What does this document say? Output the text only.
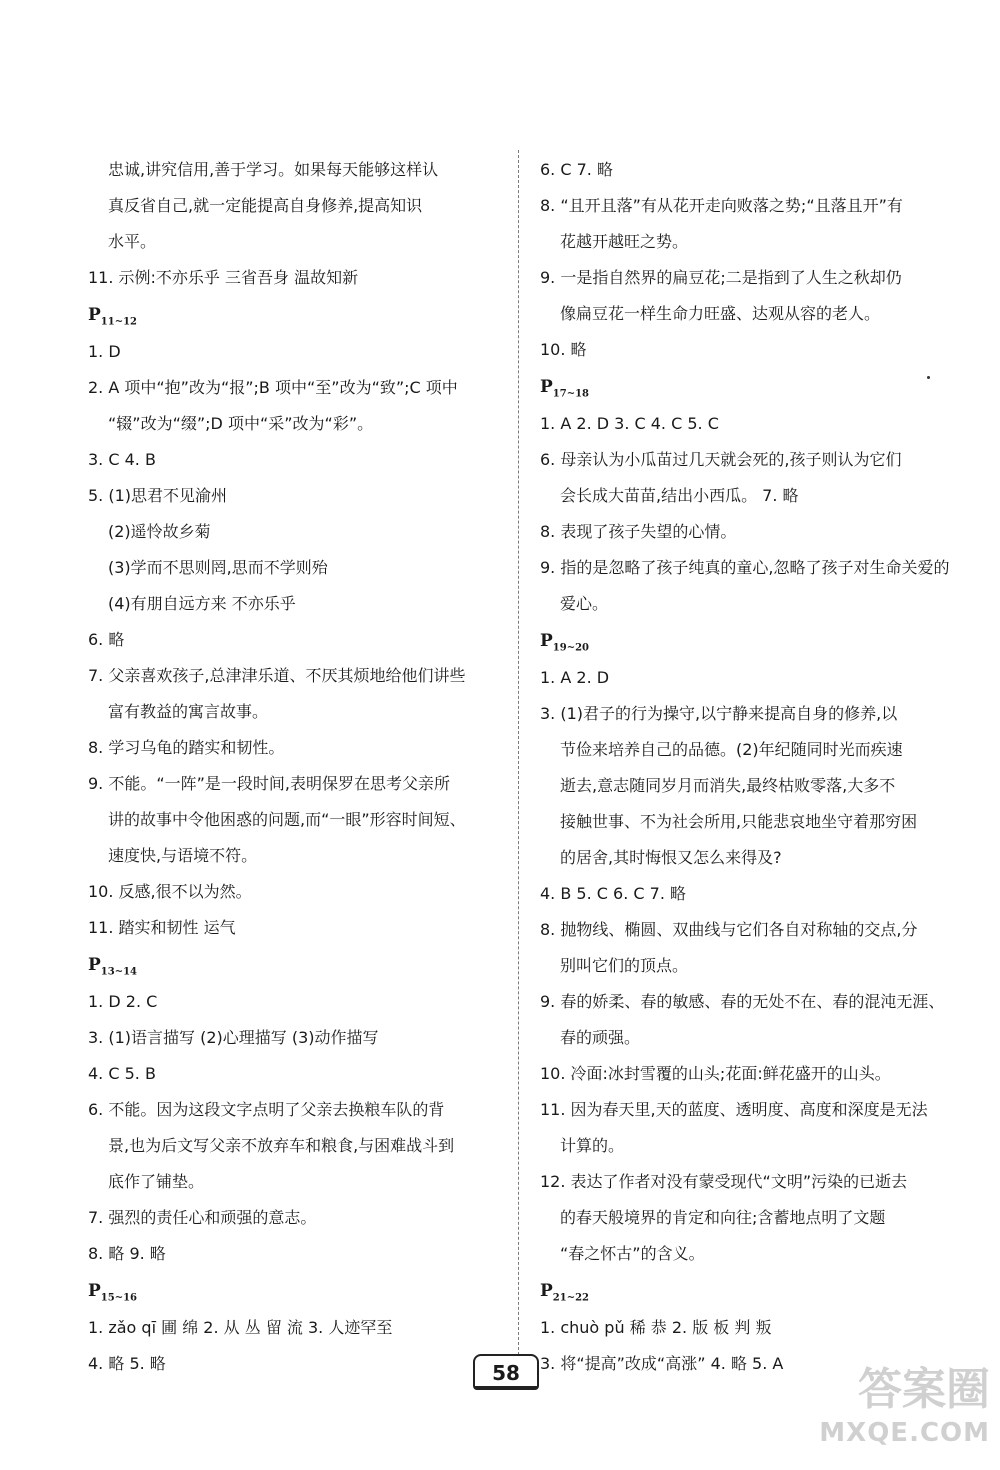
忠诚,讲究信用,善于学习。如果每天能够这样认
真反省自己,就一定能提高自身修养,提高知识
水平。
11. 示例:不亦乐乎 三省吾身 温故知新
$P_{11\sim 12}$
1. D
2. A 项中“抱”改为“报”;B 项中“至”改为“致”;C 项中
“辍”改为“缀”;D 项中“采”改为“彩”。
3. C 4. B
5. (1)思君不见渝州
(2)遥怜故乡菊
(3)学而不思则罔,思而不学则殆
(4)有朋自远方来 不亦乐乎
6. 略
7. 父亲喜欢孩子,总津津乐道、不厌其烦地给他们讲些
富有教益的寓言故事。
8. 学习乌龟的踏实和韧性。
9. 不能。“一阵”是一段时间,表明保罗在思考父亲所
讲的故事中令他困惑的问题,而“一眼”形容时间短、
速度快,与语境不符。
10. 反感,很不以为然。
11. 踏实和韧性 运气
$P_{13\sim 14}$
1. D 2. C
3. (1)语言描写 (2)心理描写 (3)动作描写
4. C 5. B
6. 不能。因为这段文字点明了父亲去换粮车队的背
景,也为后文写父亲不放弃车和粮食,与困难战斗到
底作了铺垫。
7. 强烈的责任心和顽强的意志。
8. 略 9. 略
$P_{15\sim 16}$
1. zǎo qī 圃 绵 2. 从 丛 留 流 3. 人迹罕至
4. 略 5. 略
6. C 7. 略
8. “且开且落”有从花开走向败落之势;“且落且开”有
花越开越旺之势。
9. 一是指自然界的扁豆花;二是指到了人生之秋却仍
像扁豆花一样生命力旺盛、达观从容的老人。
10. 略
$P_{17\sim 18}$
1. A 2. D 3. C 4. C 5. C
6. 母亲认为小瓜苗过几天就会死的,孩子则认为它们
会长成大苗苗,结出小西瓜。 7. 略
8. 表现了孩子失望的心情。
9. 指的是忽略了孩子纯真的童心,忽略了孩子对生命关爱的
爱心。
$P_{19\sim 20}$
1. A 2. D
3. (1)君子的行为操守,以宁静来提高自身的修养,以
节俭来培养自己的品德。(2)年纪随同时光而疾速
逝去,意志随同岁月而消失,最终枯败零落,大多不
接触世事、不为社会所用,只能悲哀地坐守着那穷困
的居舍,其时悔恨又怎么来得及?
4. B 5. C 6. C 7. 略
8. 抛物线、椭圆、双曲线与它们各自对称轴的交点,分
别叫它们的顶点。
9. 春的娇柔、春的敏感、春的无处不在、春的混沌无涯、
春的顽强。
10. 冷面:冰封雪覆的山头;花面:鲜花盛开的山头。
11. 因为春天里,天的蓝度、透明度、高度和深度是无法
计算的。
12. 表达了作者对没有蒙受现代“文明”污染的已逝去
的春天般境界的肯定和向往;含蓄地点明了文题
“春之怀古”的含义。
$P_{21\sim 22}$
1. chuò pǔ 稀 恭 2. 版 板 判 叛
3. 将“提高”改成“高涨” 4. 略 5. A
58	答案圈
MXQE.COM
